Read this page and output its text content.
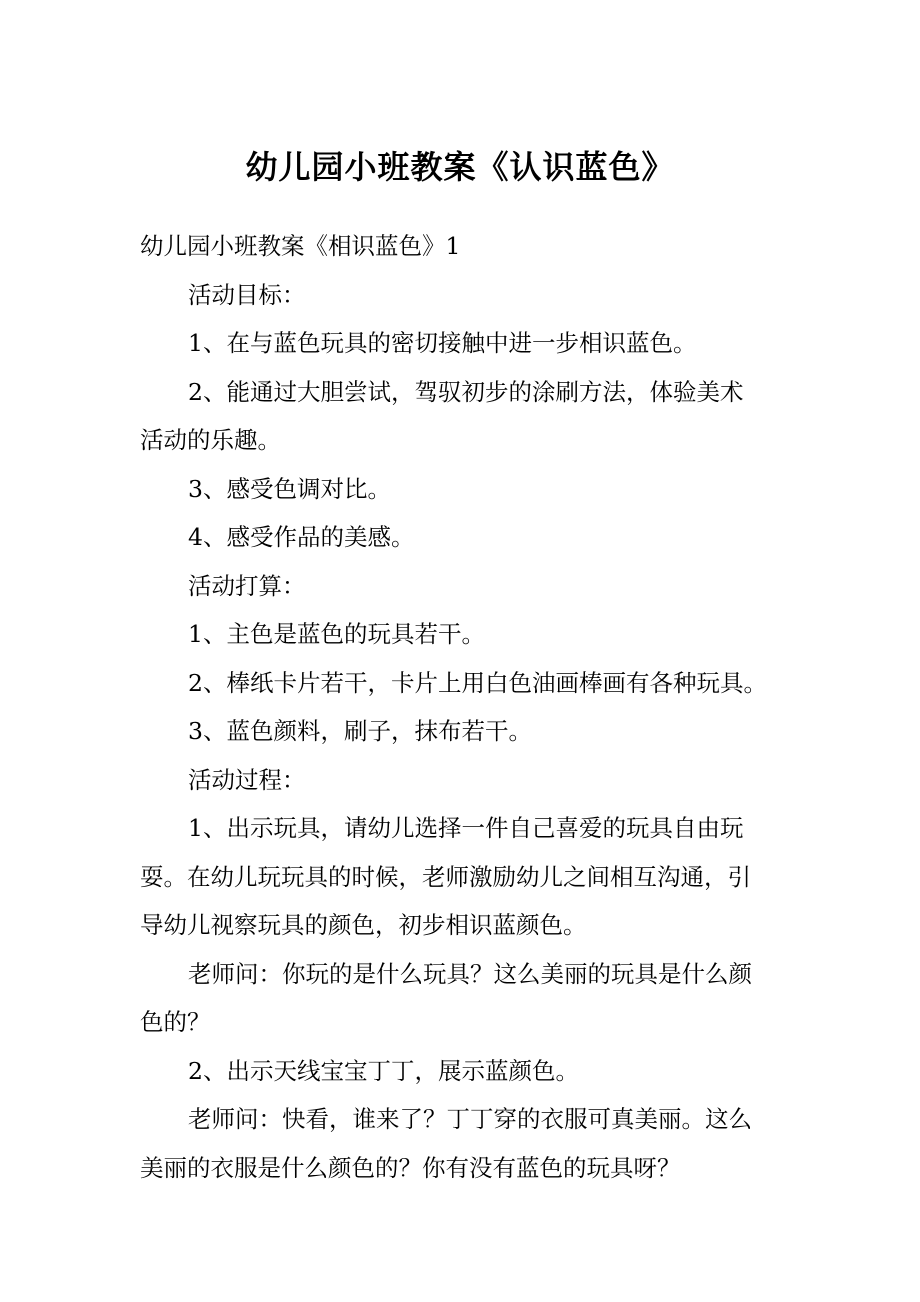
幼儿园小班教案《认识蓝色》

幼儿园小班教案《相识蓝色》1

活动目标：

1、在与蓝色玩具的密切接触中进一步相识蓝色。

2、能通过大胆尝试，驾驭初步的涂刷方法，体验美术

活动的乐趣。

3、感受色调对比。

4、感受作品的美感。

活动打算：

1、主色是蓝色的玩具若干。

2、棒纸卡片若干，卡片上用白色油画棒画有各种玩具。

3、蓝色颜料，刷子，抹布若干。

活动过程：

1、出示玩具，请幼儿选择一件自己喜爱的玩具自由玩

耍。在幼儿玩玩具的时候，老师激励幼儿之间相互沟通，引

导幼儿视察玩具的颜色，初步相识蓝颜色。

老师问：你玩的是什么玩具？这么美丽的玩具是什么颜

色的？

2、出示天线宝宝丁丁，展示蓝颜色。

老师问：快看，谁来了？丁丁穿的衣服可真美丽。这么

美丽的衣服是什么颜色的？你有没有蓝色的玩具呀？
